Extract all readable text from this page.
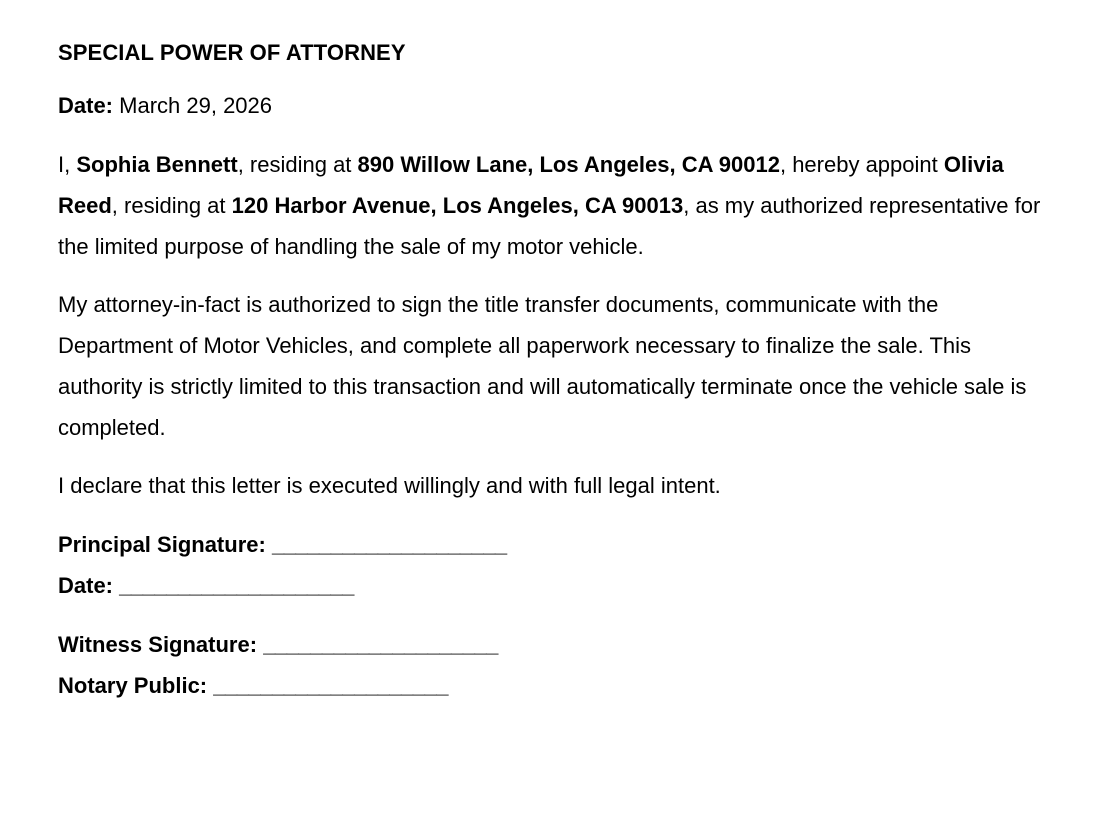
SPECIAL POWER OF ATTORNEY

Date: March 29, 2026

I, Sophia Bennett, residing at 890 Willow Lane, Los Angeles, CA 90012, hereby appoint Olivia Reed, residing at 120 Harbor Avenue, Los Angeles, CA 90013, as my authorized representative for the limited purpose of handling the sale of my motor vehicle.

My attorney-in-fact is authorized to sign the title transfer documents, communicate with the Department of Motor Vehicles, and complete all paperwork necessary to finalize the sale. This authority is strictly limited to this transaction and will automatically terminate once the vehicle sale is completed.

I declare that this letter is executed willingly and with full legal intent.

Principal Signature: ____________________
Date: ____________________
Witness Signature: ____________________
Notary Public: ____________________
